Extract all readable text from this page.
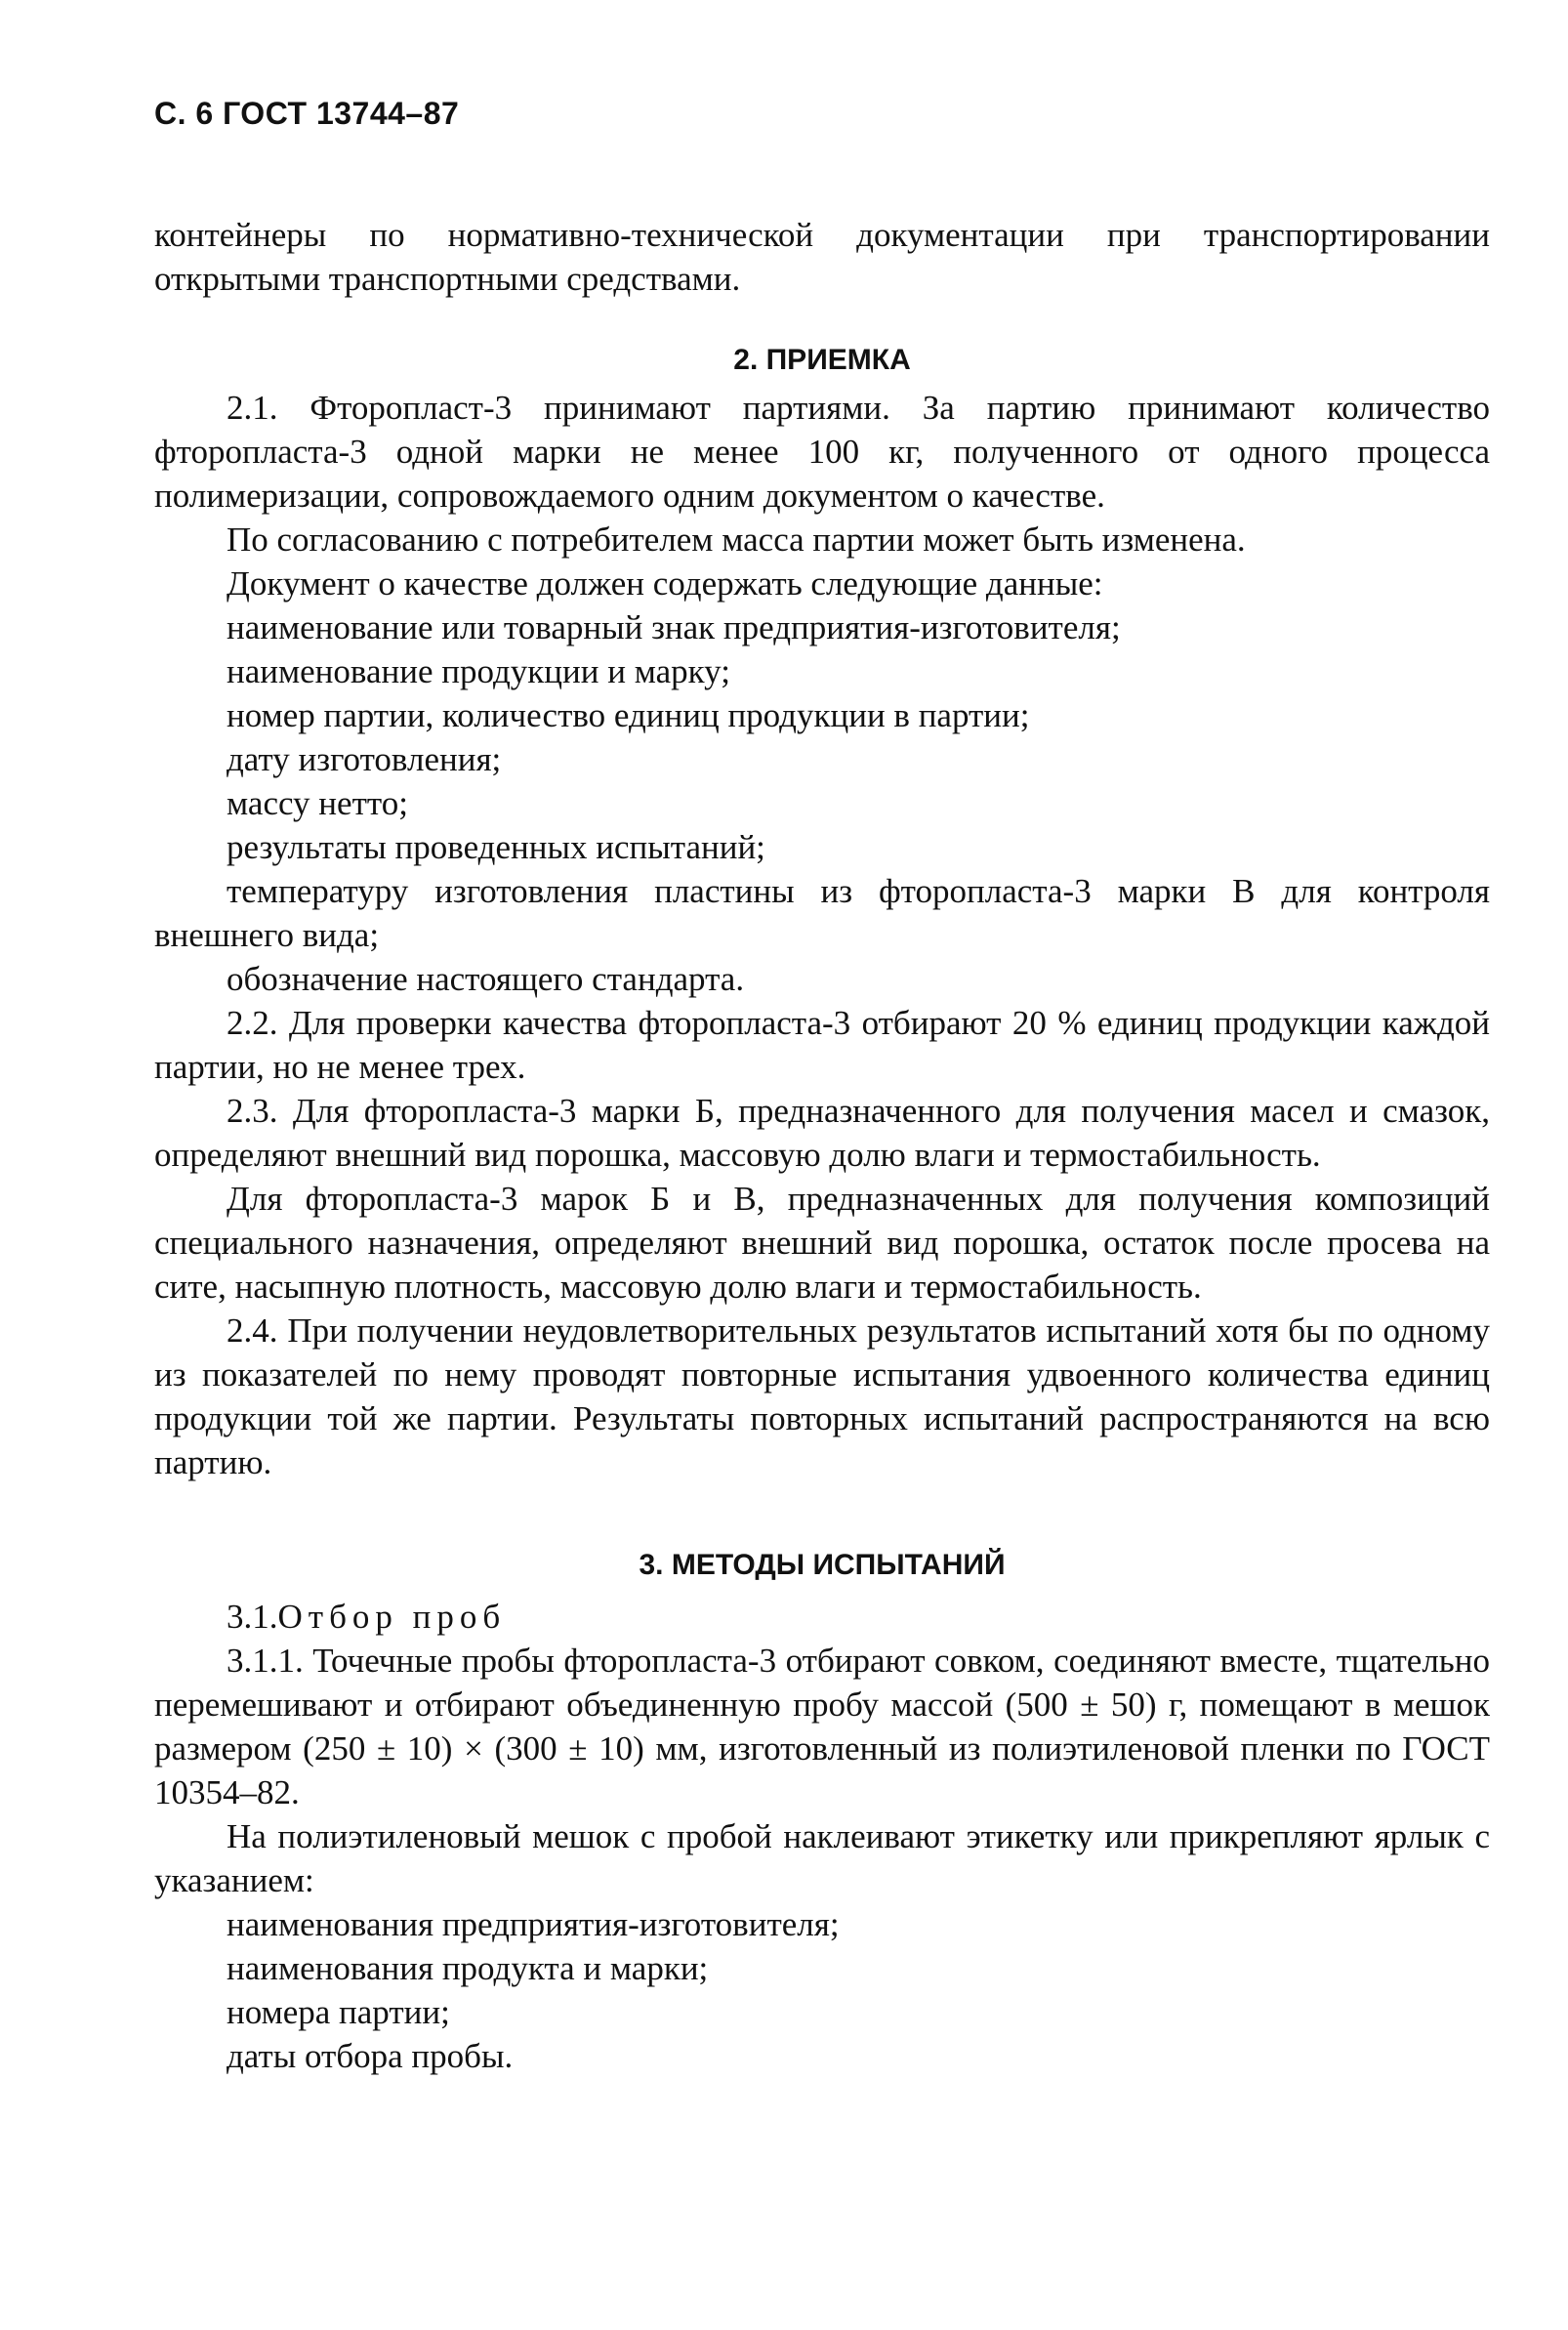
С. 6 ГОСТ 13744–87

контейнеры по нормативно-технической документации при транспортировании открытыми транспортными средствами.

2. ПРИЕМКА

2.1. Фторопласт-3 принимают партиями. За партию принимают количество фторопласта-3 одной марки не менее 100 кг, полученного от одного процесса полимеризации, сопровождаемого одним документом о качестве.

По согласованию с потребителем масса партии может быть изменена.

Документ о качестве должен содержать следующие данные:

наименование или товарный знак предприятия-изготовителя;

наименование продукции и марку;

номер партии, количество единиц продукции в партии;

дату изготовления;

массу нетто;

результаты проведенных испытаний;

температуру изготовления пластины из фторопласта-3 марки В для контроля внешнего вида;

обозначение настоящего стандарта.

2.2. Для проверки качества фторопласта-3 отбирают 20 % единиц продукции каждой партии, но не менее трех.

2.3. Для фторопласта-3 марки Б, предназначенного для получения масел и смазок, определяют внешний вид порошка, массовую долю влаги и термостабильность.

Для фторопласта-3 марок Б и В, предназначенных для получения композиций специального назначения, определяют внешний вид порошка, остаток после просева на сите, насыпную плотность, массовую долю влаги и термостабильность.

2.4. При получении неудовлетворительных результатов испытаний хотя бы по одному из показателей по нему проводят повторные испытания удвоенного количества единиц продукции той же партии. Результаты повторных испытаний распространяются на всю партию.

3. МЕТОДЫ ИСПЫТАНИЙ

3.1.Отбор проб

3.1.1. Точечные пробы фторопласта-3 отбирают совком, соединяют вместе, тщательно перемешивают и отбирают объединенную пробу массой (500 ± 50) г, помещают в мешок размером (250 ± 10) × (300 ± 10) мм, изготовленный из полиэтиленовой пленки по ГОСТ 10354–82.

На полиэтиленовый мешок с пробой наклеивают этикетку или прикрепляют ярлык с указанием:

наименования предприятия-изготовителя;

наименования продукта и марки;

номера партии;

даты отбора пробы.
